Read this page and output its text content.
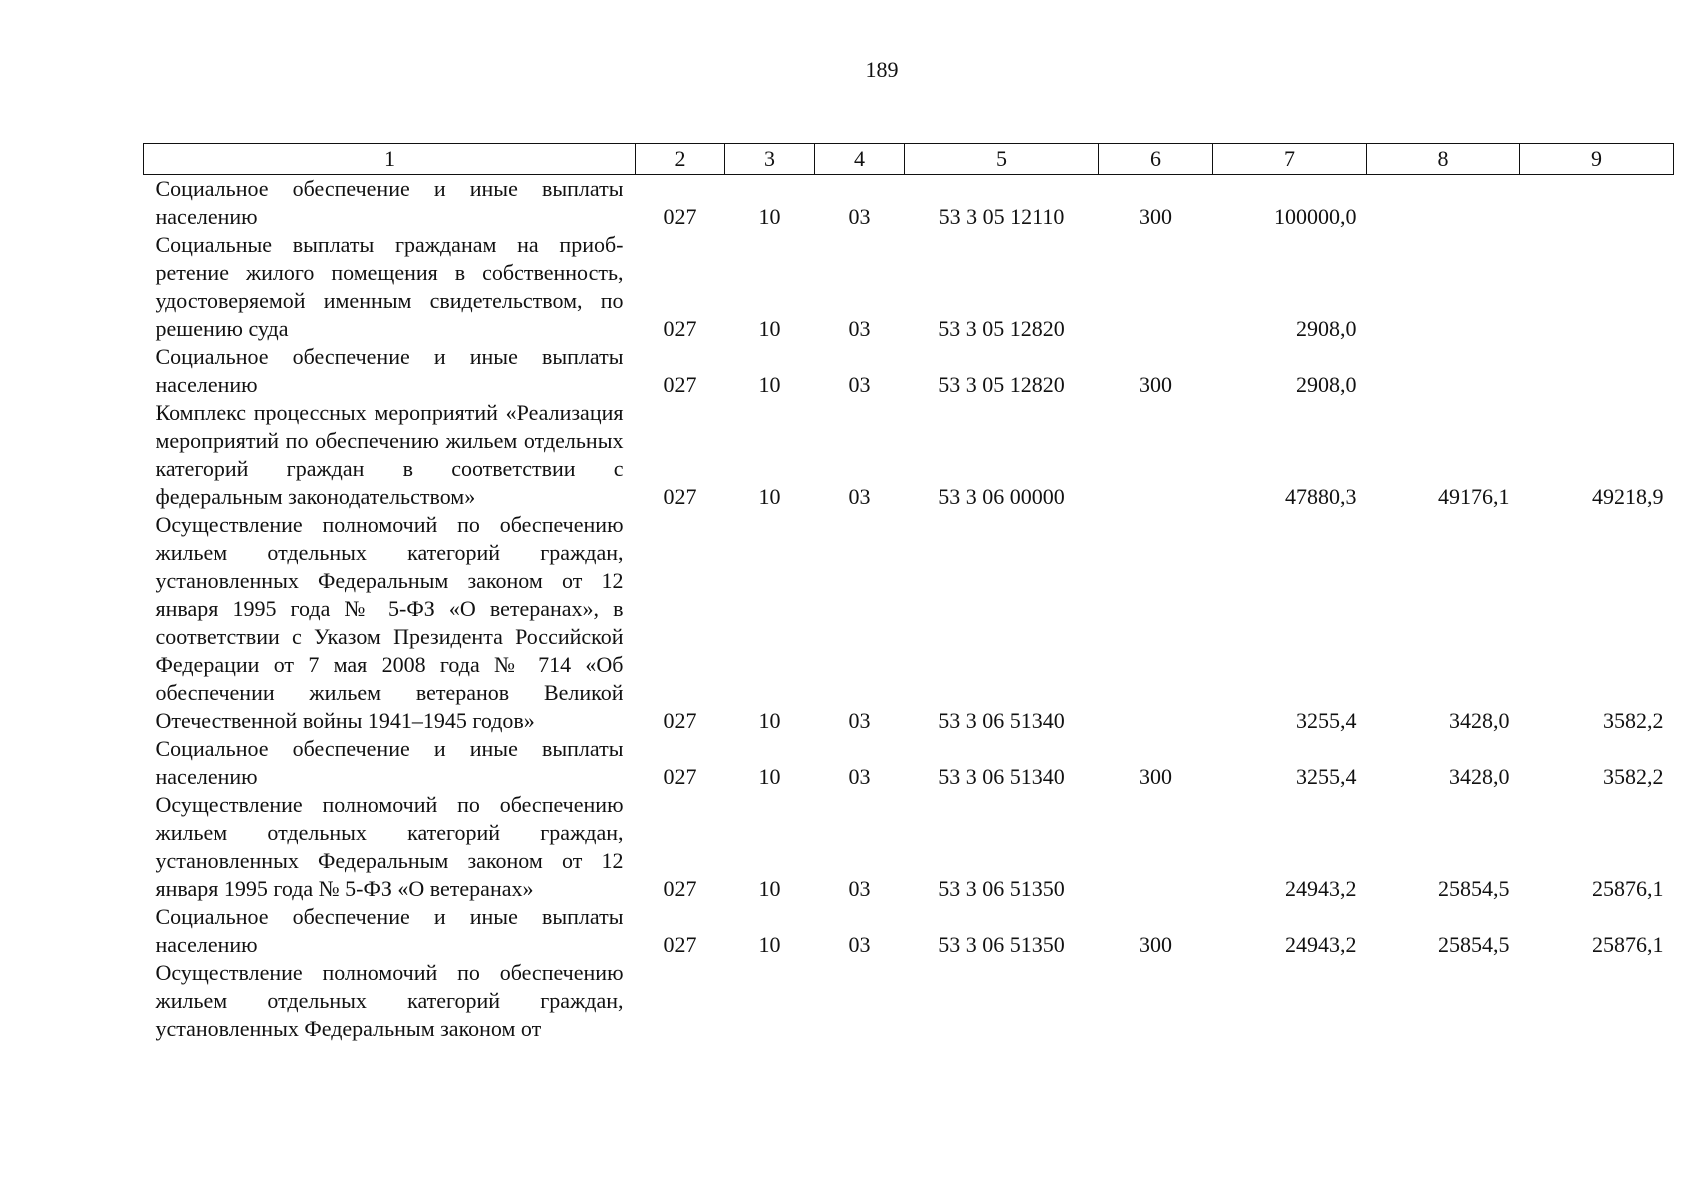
189
1	2	3	4	5	6	7	8	9
Социальное обеспечение и иные выплаты населению	027	10	03	53 3 05 12110	300	100000,0		
Социальные выплаты гражданам на приобретение жилого помещения в собственность, удостоверяемой именным свидетельством, по решению суда	027	10	03	53 3 05 12820		2908,0		
Социальное обеспечение и иные выплаты населению	027	10	03	53 3 05 12820	300	2908,0		
Комплекс процессных мероприятий «Реализация мероприятий по обеспечению жильем отдельных категорий граждан в соответствии с федеральным законодательством»	027	10	03	53 3 06 00000		47880,3	49176,1	49218,9
Осуществление полномочий по обеспечению жильем отдельных категорий граждан, установленных Федеральным законом от 12 января 1995 года № 5-ФЗ «О ветеранах», в соответствии с Указом Президента Российской Федерации от 7 мая 2008 года № 714 «Об обеспечении жильем ветеранов Великой Отечественной войны 1941–1945 годов»	027	10	03	53 3 06 51340		3255,4	3428,0	3582,2
Социальное обеспечение и иные выплаты населению	027	10	03	53 3 06 51340	300	3255,4	3428,0	3582,2
Осуществление полномочий по обеспечению жильем отдельных категорий граждан, установленных Федеральным законом от 12 января 1995 года № 5-ФЗ «О ветеранах»	027	10	03	53 3 06 51350		24943,2	25854,5	25876,1
Социальное обеспечение и иные выплаты населению	027	10	03	53 3 06 51350	300	24943,2	25854,5	25876,1
Осуществление полномочий по обеспечению жильем отдельных категорий граждан, установленных Федеральным законом от								
